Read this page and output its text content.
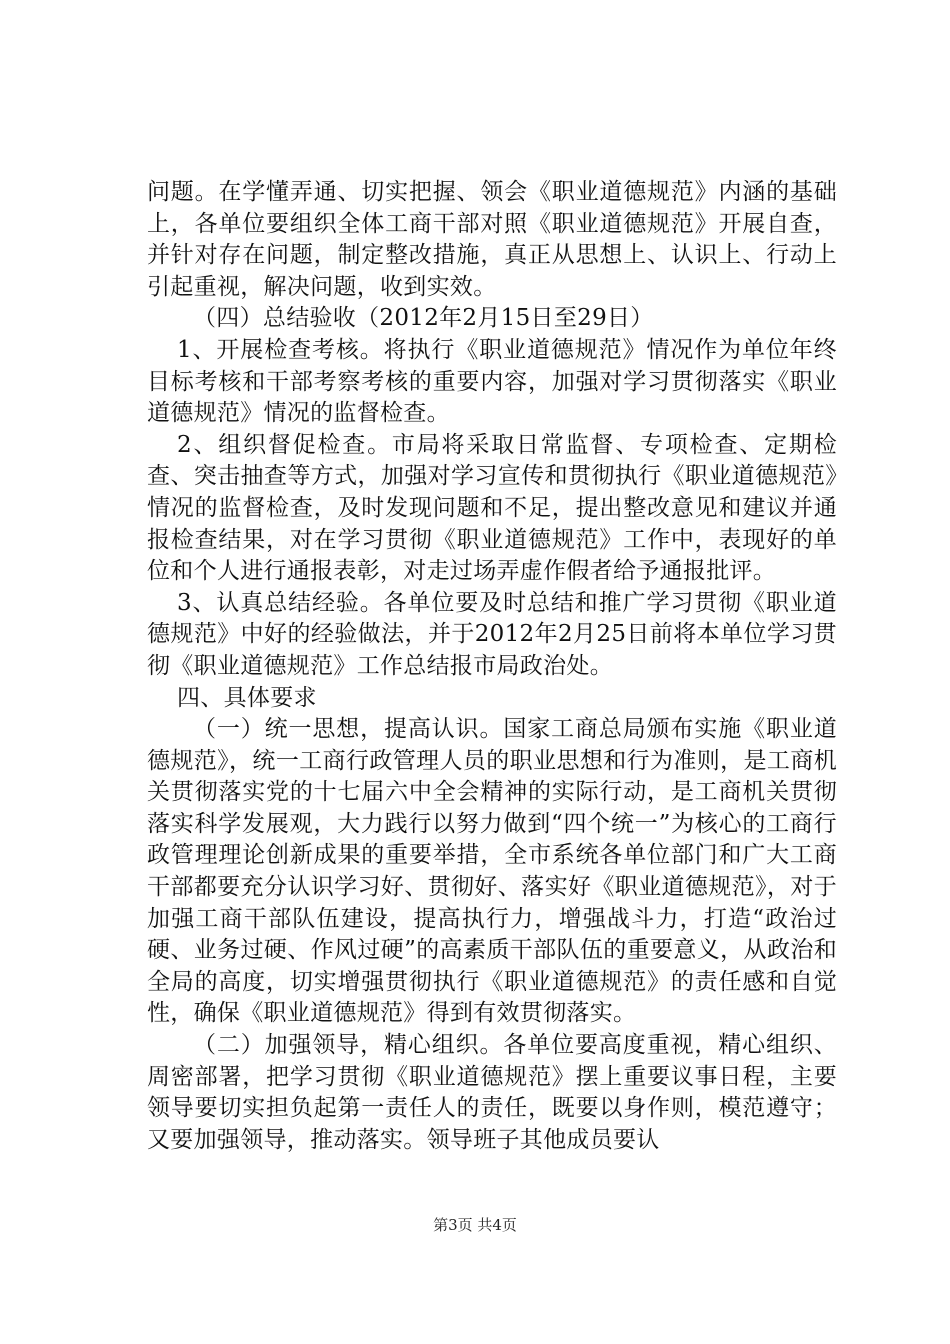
问题。在学懂弄通、切实把握、领会《职业道德规范》内涵的基础上，各单位要组织全体工商干部对照《职业道德规范》开展自查，并针对存在问题，制定整改措施，真正从思想上、认识上、行动上引起重视，解决问题，收到实效。

（四）总结验收（2012年2月15日至29日）

1、开展检查考核。将执行《职业道德规范》情况作为单位年终目标考核和干部考察考核的重要内容，加强对学习贯彻落实《职业道德规范》情况的监督检查。

2、组织督促检查。市局将采取日常监督、专项检查、定期检查、突击抽查等方式，加强对学习宣传和贯彻执行《职业道德规范》情况的监督检查，及时发现问题和不足，提出整改意见和建议并通报检查结果，对在学习贯彻《职业道德规范》工作中，表现好的单位和个人进行通报表彰，对走过场弄虚作假者给予通报批评。

3、认真总结经验。各单位要及时总结和推广学习贯彻《职业道德规范》中好的经验做法，并于2012年2月25日前将本单位学习贯彻《职业道德规范》工作总结报市局政治处。

四、具体要求

（一）统一思想，提高认识。国家工商总局颁布实施《职业道德规范》，统一工商行政管理人员的职业思想和行为准则，是工商机关贯彻落实党的十七届六中全会精神的实际行动，是工商机关贯彻落实科学发展观，大力践行以努力做到“四个统一”为核心的工商行政管理理论创新成果的重要举措，全市系统各单位部门和广大工商干部都要充分认识学习好、贯彻好、落实好《职业道德规范》，对于加强工商干部队伍建设，提高执行力，增强战斗力，打造“政治过硬、业务过硬、作风过硬”的高素质干部队伍的重要意义，从政治和全局的高度，切实增强贯彻执行《职业道德规范》的责任感和自觉性，确保《职业道德规范》得到有效贯彻落实。

（二）加强领导，精心组织。各单位要高度重视，精心组织、周密部署，把学习贯彻《职业道德规范》摆上重要议事日程，主要领导要切实担负起第一责任人的责任，既要以身作则，模范遵守；又要加强领导，推动落实。领导班子其他成员要认

第3页 共4页
